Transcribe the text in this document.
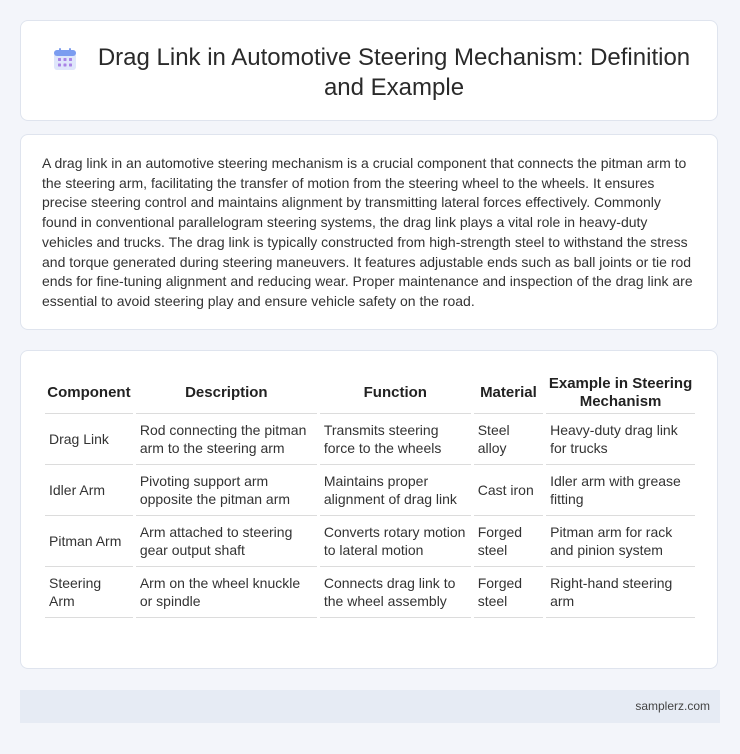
Drag Link in Automotive Steering Mechanism: Definition and Example
A drag link in an automotive steering mechanism is a crucial component that connects the pitman arm to the steering arm, facilitating the transfer of motion from the steering wheel to the wheels. It ensures precise steering control and maintains alignment by transmitting lateral forces effectively. Commonly found in conventional parallelogram steering systems, the drag link plays a vital role in heavy-duty vehicles and trucks. The drag link is typically constructed from high-strength steel to withstand the stress and torque generated during steering maneuvers. It features adjustable ends such as ball joints or tie rod ends for fine-tuning alignment and reducing wear. Proper maintenance and inspection of the drag link are essential to avoid steering play and ensure vehicle safety on the road.
Component	Description	Function	Material	Example in Steering Mechanism
Drag Link	Rod connecting the pitman arm to the steering arm	Transmits steering force to the wheels	Steel alloy	Heavy-duty drag link for trucks
Idler Arm	Pivoting support arm opposite the pitman arm	Maintains proper alignment of drag link	Cast iron	Idler arm with grease fitting
Pitman Arm	Arm attached to steering gear output shaft	Converts rotary motion to lateral motion	Forged steel	Pitman arm for rack and pinion system
Steering Arm	Arm on the wheel knuckle or spindle	Connects drag link to the wheel assembly	Forged steel	Right-hand steering arm
samplerz.com
